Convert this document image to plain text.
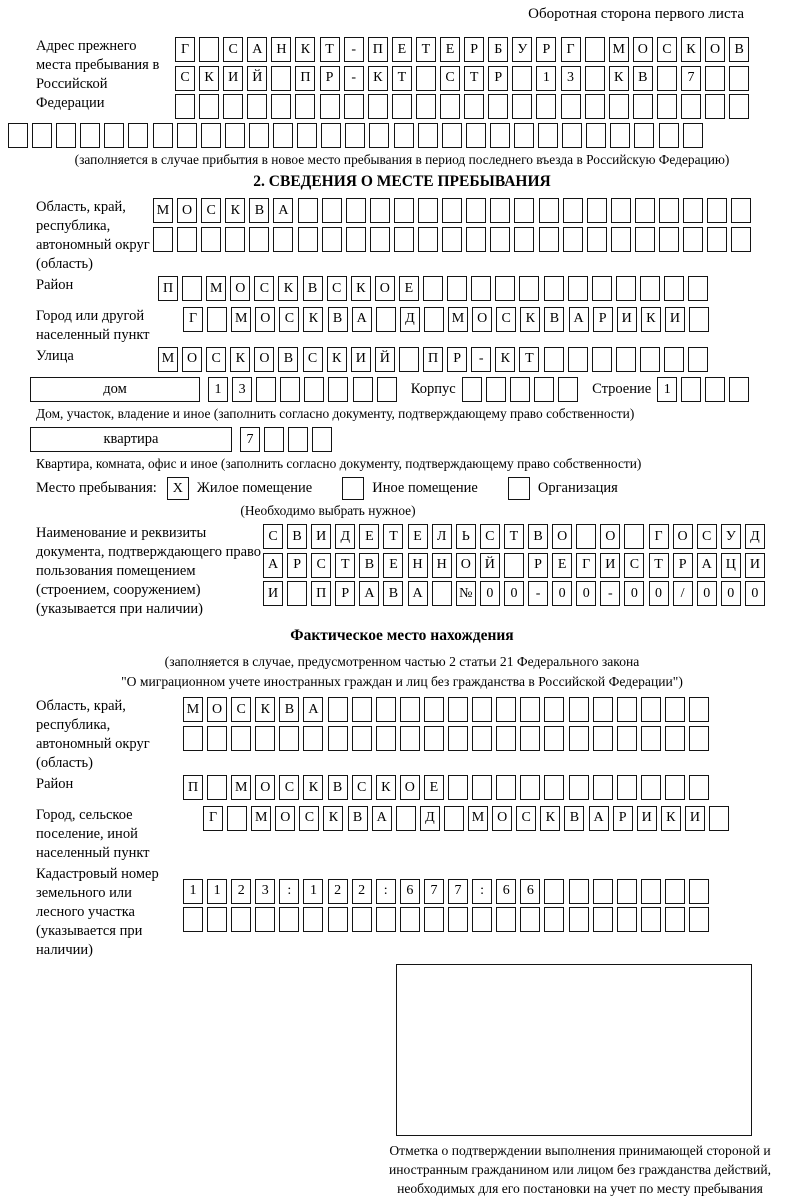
Оборотная сторона первого листа
Адрес прежнего места пребывания в Российской Федерации
Г	С	А Н	К	Т	-	П	Е	Т	Е	Р	Б	У	Р	Г	М О	С	К	О	В
С	К	И Й	П	Р	-	К	Т	С	Т	Р	1	3	К	В	7
(заполняется в случае прибытия в новое место пребывания в период последнего въезда в Российскую Федерацию)
2. СВЕДЕНИЯ О МЕСТЕ ПРЕБЫВАНИЯ
Область, край, республика, автономный округ (область)
М О	С	К	В	А
Район	П	М О	С	К	В	С	К	О	Е
Город или другой населенный пункт
Г	М О	С	К	В	А	Д	М О	С	К	В	А	Р	И	К	И
Улица	М О	С	К	О	В	С	К	И Й	П	Р	-	К	Т
дом	1	3	Корпус	Строение 1
Дом, участок, владение и иное (заполнить согласно документу, подтверждающему право собственности)
квартира	7
Квартира, комната, офис и иное (заполнить согласно документу, подтверждающему право собственности)
Место пребывания:	X Жилое помещение	Иное помещение	Организация
(Необходимо выбрать нужное)
Наименование и реквизиты документа, подтверждающего право пользования помещением (строением, сооружением) (указывается при наличии)
С	В	И	Д	Е	Т	Е	Л	Ь	С	Т	В	О	О	Г	О	С	У	Д
А	Р	С	Т	В	Е	Н Н О Й	Р	Е	Г	И	С	Т	Р	А Ц И
И	П	Р	А	В	А	№ 0	0	-	0	0	-	0	0	/	0	0	0
Фактическое место нахождения
(заполняется в случае, предусмотренном частью 2 статьи 21 Федерального закона
"О миграционном учете иностранных граждан и лиц без гражданства в Российской Федерации")
Область, край, республика, автономный округ (область)
М О	С	К	В	А
Район	П	М О	С	К	В	С	К	О	Е
Город, сельское поселение, иной населенный пункт
Г	М О	С	К	В	А	Д	М О	С	К	В	А	Р	И	К	И
Кадастровый номер земельного или лесного участка (указывается при наличии)
1	1	2	3	:	1	2	2	:	6	7	7	:	6	6
Отметка о подтверждении выполнения принимающей стороной и иностранным гражданином или лицом без гражданства действий, необходимых для его постановки на учет по месту пребывания
